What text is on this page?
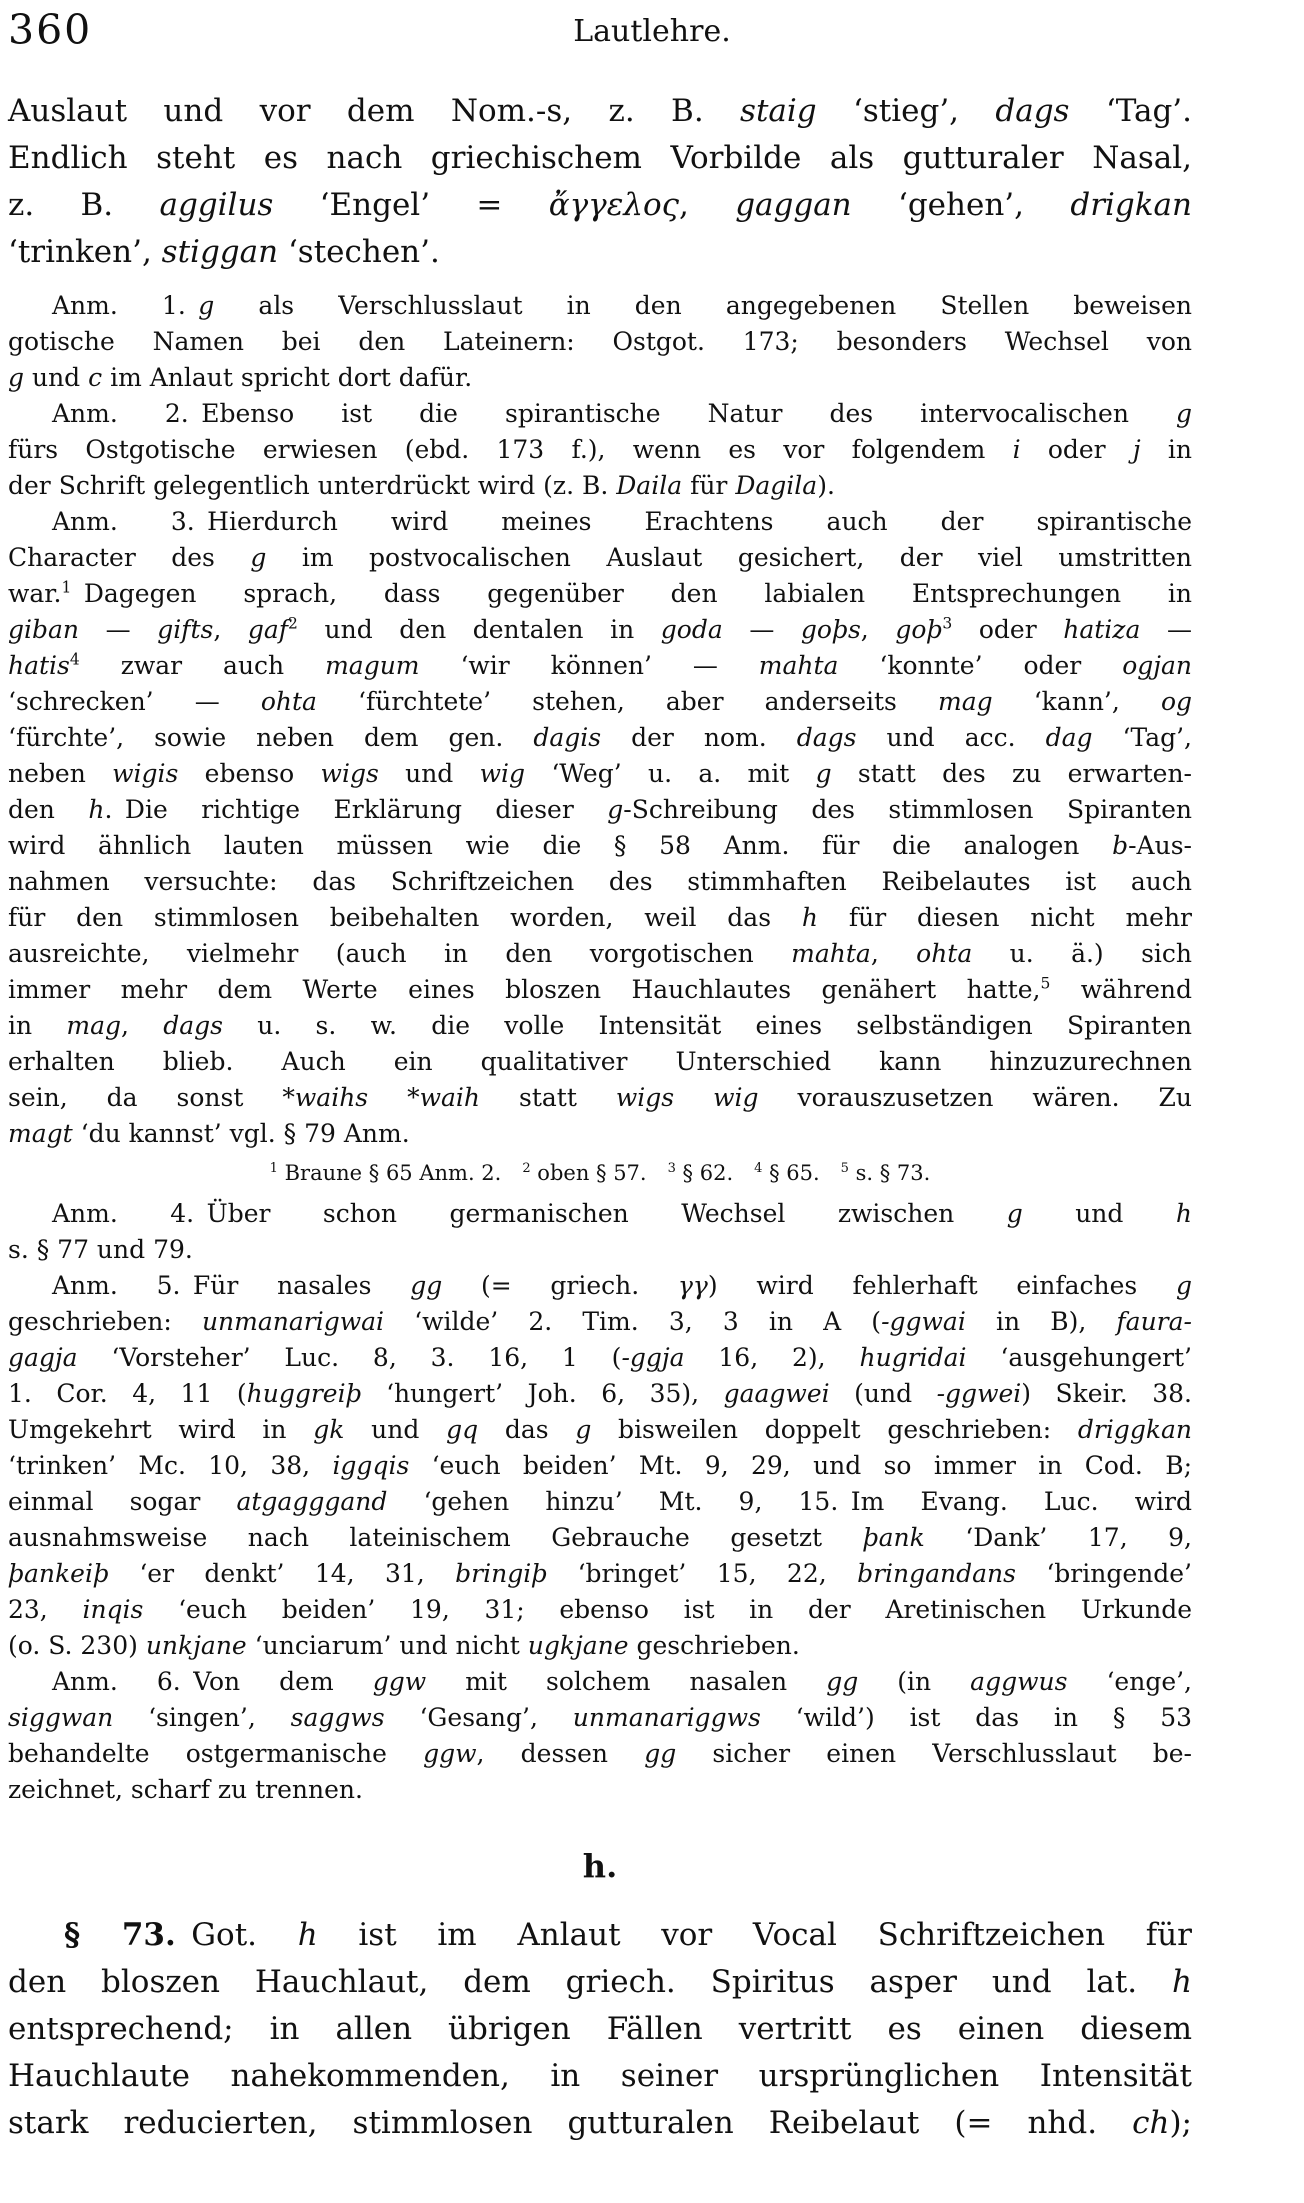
360	Lautlehre.
Auslaut und vor dem Nom.-s, z. B. staig ‘stieg’, dags ‘Tag’.
Endlich steht es nach griechischem Vorbilde als gutturaler Nasal,
z. B. aggilus ‘Engel’ = ἄγγελος, gaggan ‘gehen’, drigkan
‘trinken’, stiggan ‘stechen’.
Anm. 1. g als Verschlusslaut in den angegebenen Stellen beweisen
gotische Namen bei den Lateinern: Ostgot. 173; besonders Wechsel von
g und c im Anlaut spricht dort dafür.
Anm. 2. Ebenso ist die spirantische Natur des intervocalischen g
fürs Ostgotische erwiesen (ebd. 173 f.), wenn es vor folgendem i oder j in
der Schrift gelegentlich unterdrückt wird (z. B. Daila für Dagila).
Anm. 3. Hierdurch wird meines Erachtens auch der spirantische
Character des g im postvocalischen Auslaut gesichert, der viel umstritten
war.$^1$ Dagegen sprach, dass gegenüber den labialen Entsprechungen in
giban — gifts, gaf$^2$ und den dentalen in goda — goþs, goþ$^3$ oder hatiza —
hatis$^4$ zwar auch magum ‘wir können’ — mahta ‘konnte’ oder ogjan
‘schrecken’ — ohta ‘fürchtete’ stehen, aber anderseits mag ‘kann’, og
‘fürchte’, sowie neben dem gen. dagis der nom. dags und acc. dag ‘Tag’,
neben wigis ebenso wigs und wig ‘Weg’ u. a. mit g statt des zu erwarten-
den h. Die richtige Erklärung dieser g-Schreibung des stimmlosen Spiranten
wird ähnlich lauten müssen wie die § 58 Anm. für die analogen b-Aus-
nahmen versuchte: das Schriftzeichen des stimmhaften Reibelautes ist auch
für den stimmlosen beibehalten worden, weil das h für diesen nicht mehr
ausreichte, vielmehr (auch in den vorgotischen mahta, ohta u. ä.) sich
immer mehr dem Werte eines bloszen Hauchlautes genähert hatte,$^5$ während
in mag, dags u. s. w. die volle Intensität eines selbständigen Spiranten
erhalten blieb. Auch ein qualitativer Unterschied kann hinzuzurechnen
sein, da sonst *waihs *waih statt wigs wig vorauszusetzen wären. Zu
magt ‘du kannst’ vgl. § 79 Anm.
$^1$ Braune § 65 Anm. 2. $^2$ oben § 57. $^3$ § 62. $^4$ § 65. $^5$ s. § 73.
Anm. 4. Über schon germanischen Wechsel zwischen g und h
s. § 77 und 79.
Anm. 5. Für nasales gg (= griech. γγ) wird fehlerhaft einfaches g
geschrieben: unmanarigwai ‘wilde’ 2. Tim. 3, 3 in A (-ggwai in B), faura-
gagja ‘Vorsteher’ Luc. 8, 3. 16, 1 (-ggja 16, 2), hugridai ‘ausgehungert’
1. Cor. 4, 11 (huggreiþ ‘hungert’ Joh. 6, 35), gaagwei (und -ggwei) Skeir. 38.
Umgekehrt wird in gk und gq das g bisweilen doppelt geschrieben: driggkan
‘trinken’ Mc. 10, 38, iggqis ‘euch beiden’ Mt. 9, 29, und so immer in Cod. B;
einmal sogar atgagggand ‘gehen hinzu’ Mt. 9, 15. Im Evang. Luc. wird
ausnahmsweise nach lateinischem Gebrauche gesetzt þank ‘Dank’ 17, 9,
þankeiþ ‘er denkt’ 14, 31, bringiþ ‘bringet’ 15, 22, bringandans ‘bringende’
23, inqis ‘euch beiden’ 19, 31; ebenso ist in der Aretinischen Urkunde
(o. S. 230) unkjane ‘unciarum’ und nicht ugkjane geschrieben.
Anm. 6. Von dem ggw mit solchem nasalen gg (in aggwus ‘enge’,
siggwan ‘singen’, saggws ‘Gesang’, unmanariggws ‘wild’) ist das in § 53
behandelte ostgermanische ggw, dessen gg sicher einen Verschlusslaut be-
zeichnet, scharf zu trennen.
h.
§ 73. Got. h ist im Anlaut vor Vocal Schriftzeichen für
den bloszen Hauchlaut, dem griech. Spiritus asper und lat. h
entsprechend; in allen übrigen Fällen vertritt es einen diesem
Hauchlaute nahekommenden, in seiner ursprünglichen Intensität
stark reducierten, stimmlosen gutturalen Reibelaut (= nhd. ch);
